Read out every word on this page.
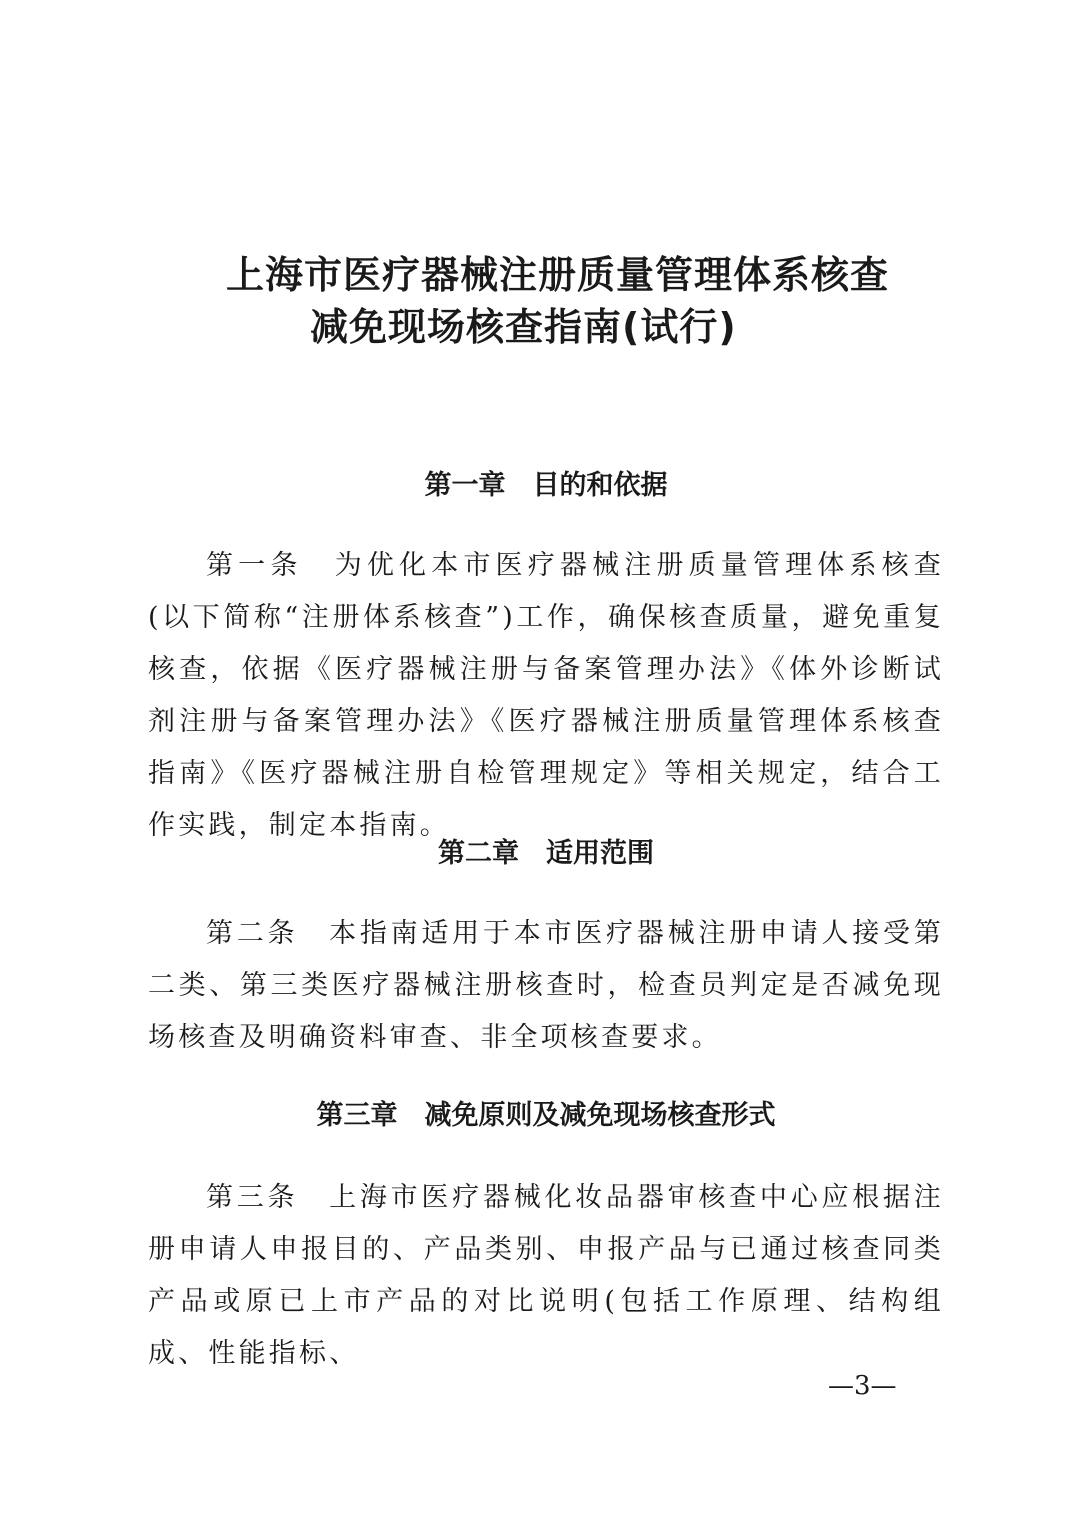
上海市医疗器械注册质量管理体系核查
减免现场核查指南(试行)
第一章　目的和依据
第一条　为优化本市医疗器械注册质量管理体系核查(以下简称“注册体系核查”)工作，确保核查质量，避免重复核查，依据《医疗器械注册与备案管理办法》《体外诊断试剂注册与备案管理办法》《医疗器械注册质量管理体系核查指南》《医疗器械注册自检管理规定》等相关规定，结合工作实践，制定本指南。
第二章　适用范围
第二条　本指南适用于本市医疗器械注册申请人接受第二类、第三类医疗器械注册核查时，检查员判定是否减免现场核查及明确资料审查、非全项核查要求。
第三章　减免原则及减免现场核查形式
第三条　上海市医疗器械化妆品器审核查中心应根据注册申请人申报目的、产品类别、申报产品与已通过核查同类产品或原已上市产品的对比说明(包括工作原理、结构组成、性能指标、
—3—
